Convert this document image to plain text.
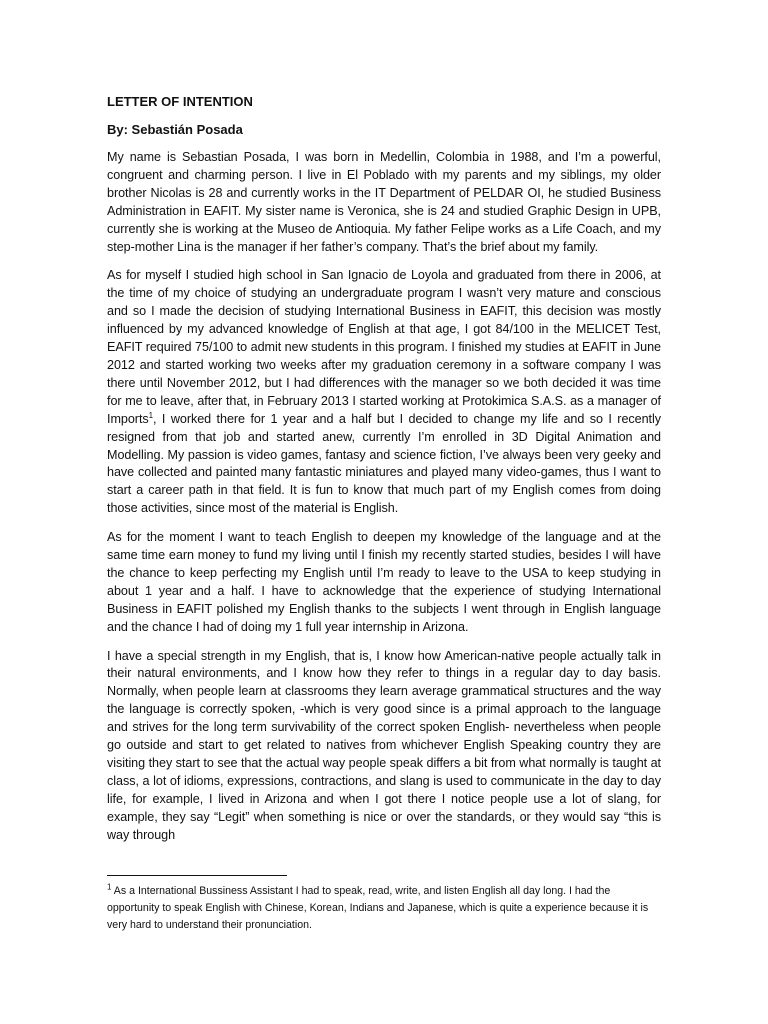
LETTER OF INTENTION

By: Sebastián Posada

My name is Sebastian Posada, I was born in Medellin, Colombia in 1988, and I’m a powerful, congruent and charming person. I live in El Poblado with my parents and my siblings, my older brother Nicolas is 28 and currently works in the IT Department of PELDAR OI, he studied Business Administration in EAFIT. My sister name is Veronica, she is 24 and studied Graphic Design in UPB, currently she is working at the Museo de Antioquia. My father Felipe works as a Life Coach, and my step-mother Lina is the manager if her father’s company. That’s the brief about my family.

As for myself I studied high school in San Ignacio de Loyola and graduated from there in 2006, at the time of my choice of studying an undergraduate program I wasn’t very mature and conscious and so I made the decision of studying International Business in EAFIT, this decision was mostly influenced by my advanced knowledge of English at that age, I got 84/100 in the MELICET Test, EAFIT required 75/100 to admit new students in this program. I finished my studies at EAFIT in June 2012 and started working two weeks after my graduation ceremony in a software company I was there until November 2012, but I had differences with the manager so we both decided it was time for me to leave, after that, in February 2013 I started working at Protokimica S.A.S. as a manager of Imports$^1$, I worked there for 1 year and a half but I decided to change my life and so I recently resigned from that job and started anew, currently I’m enrolled in 3D Digital Animation and Modelling. My passion is video games, fantasy and science fiction, I’ve always been very geeky and have collected and painted many fantastic miniatures and played many video-games, thus I want to start a career path in that field. It is fun to know that much part of my English comes from doing those activities, since most of the material is English.

As for the moment I want to teach English to deepen my knowledge of the language and at the same time earn money to fund my living until I finish my recently started studies, besides I will have the chance to keep perfecting my English until I’m ready to leave to the USA to keep studying in about 1 year and a half. I have to acknowledge that the experience of studying International Business in EAFIT polished my English thanks to the subjects I went through in English language and the chance I had of doing my 1 full year internship in Arizona.

I have a special strength in my English, that is, I know how American-native people actually talk in their natural environments, and I know how they refer to things in a regular day to day basis. Normally, when people learn at classrooms they learn average grammatical structures and the way the language is correctly spoken, -which is very good since is a primal approach to the language and strives for the long term survivability of the correct spoken English- nevertheless when people go outside and start to get related to natives from whichever English Speaking country they are visiting they start to see that the actual way people speak differs a bit from what normally is taught at class, a lot of idioms, expressions, contractions, and slang is used to communicate in the day to day life, for example, I lived in Arizona and when I got there I notice people use a lot of slang, for example, they say “Legit” when something is nice or over the standards, or they would say “this is way through

$^1$ As a International Bussiness Assistant I had to speak, read, write, and listen English all day long. I had the opportunity to speak English with Chinese, Korean, Indians and Japanese, which is quite a experience because it is very hard to understand their pronunciation.
